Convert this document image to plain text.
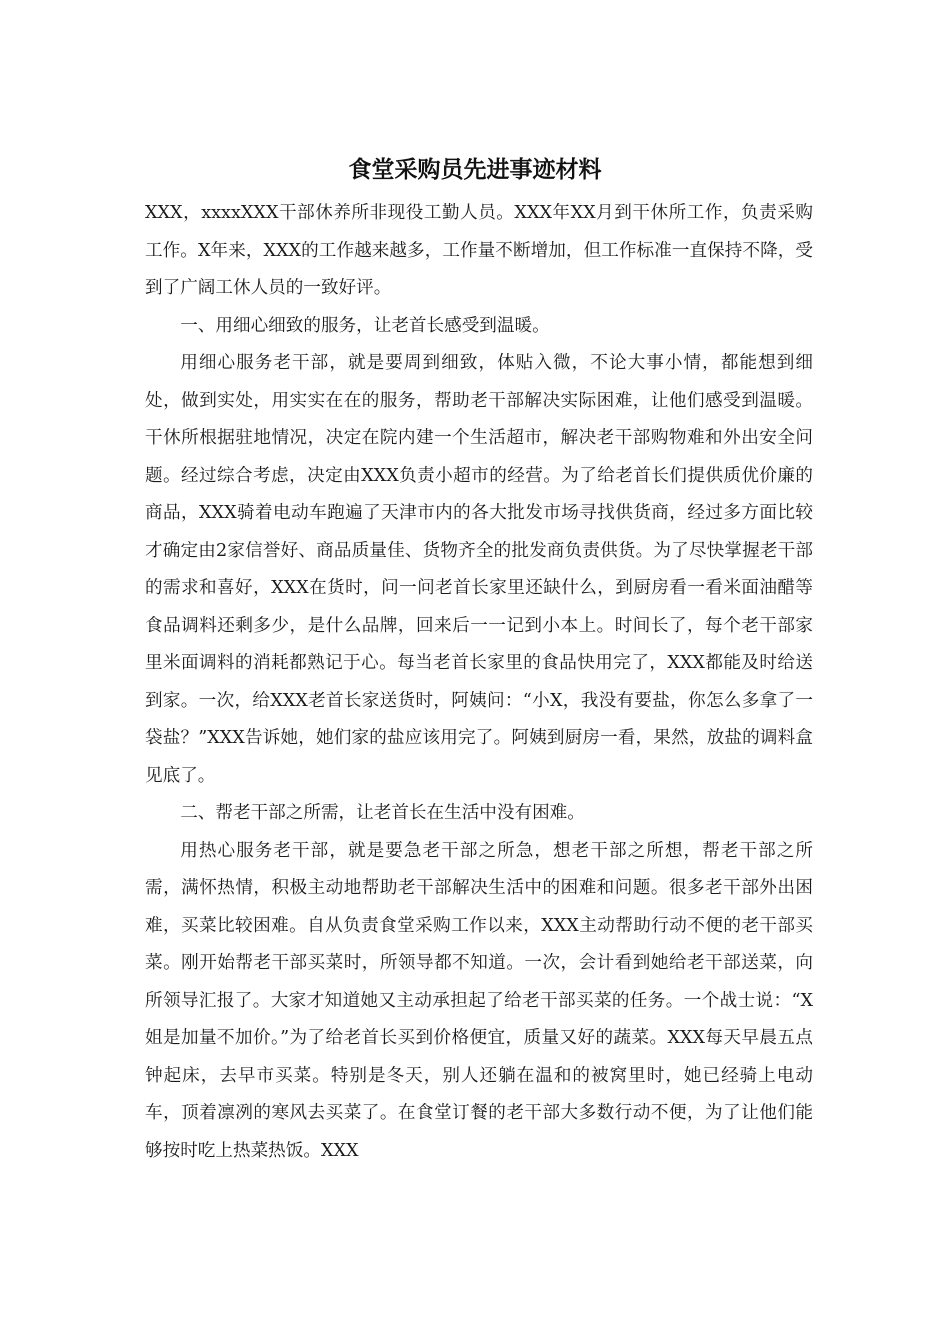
食堂采购员先进事迹材料

XXX，xxxxXXX干部休养所非现役工勤人员。XXX年XX月到干休所工作，负责采购工作。X年来，XXX的工作越来越多，工作量不断增加，但工作标准一直保持不降，受到了广阔工休人员的一致好评。

一、用细心细致的服务，让老首长感受到温暖。

用细心服务老干部，就是要周到细致，体贴入微，不论大事小情，都能想到细处，做到实处，用实实在在的服务，帮助老干部解决实际困难，让他们感受到温暖。干休所根据驻地情况，决定在院内建一个生活超市，解决老干部购物难和外出安全问题。经过综合考虑，决定由XXX负责小超市的经营。为了给老首长们提供质优价廉的商品，XXX骑着电动车跑遍了天津市内的各大批发市场寻找供货商，经过多方面比较才确定由2家信誉好、商品质量佳、货物齐全的批发商负责供货。为了尽快掌握老干部的需求和喜好，XXX在货时，问一问老首长家里还缺什么，到厨房看一看米面油醋等食品调料还剩多少，是什么品牌，回来后一一记到小本上。时间长了，每个老干部家里米面调料的消耗都熟记于心。每当老首长家里的食品快用完了，XXX都能及时给送到家。一次，给XXX老首长家送货时，阿姨问：“小X，我没有要盐，你怎么多拿了一袋盐？”XXX告诉她，她们家的盐应该用完了。阿姨到厨房一看，果然，放盐的调料盒见底了。

二、帮老干部之所需，让老首长在生活中没有困难。

用热心服务老干部，就是要急老干部之所急，想老干部之所想，帮老干部之所需，满怀热情，积极主动地帮助老干部解决生活中的困难和问题。很多老干部外出困难，买菜比较困难。自从负责食堂采购工作以来，XXX主动帮助行动不便的老干部买菜。刚开始帮老干部买菜时，所领导都不知道。一次，会计看到她给老干部送菜，向所领导汇报了。大家才知道她又主动承担起了给老干部买菜的任务。一个战士说：“X姐是加量不加价。”为了给老首长买到价格便宜，质量又好的蔬菜。XXX每天早晨五点钟起床，去早市买菜。特别是冬天，别人还躺在温和的被窝里时，她已经骑上电动车，顶着凛冽的寒风去买菜了。在食堂订餐的老干部大多数行动不便，为了让他们能够按时吃上热菜热饭。XXX
